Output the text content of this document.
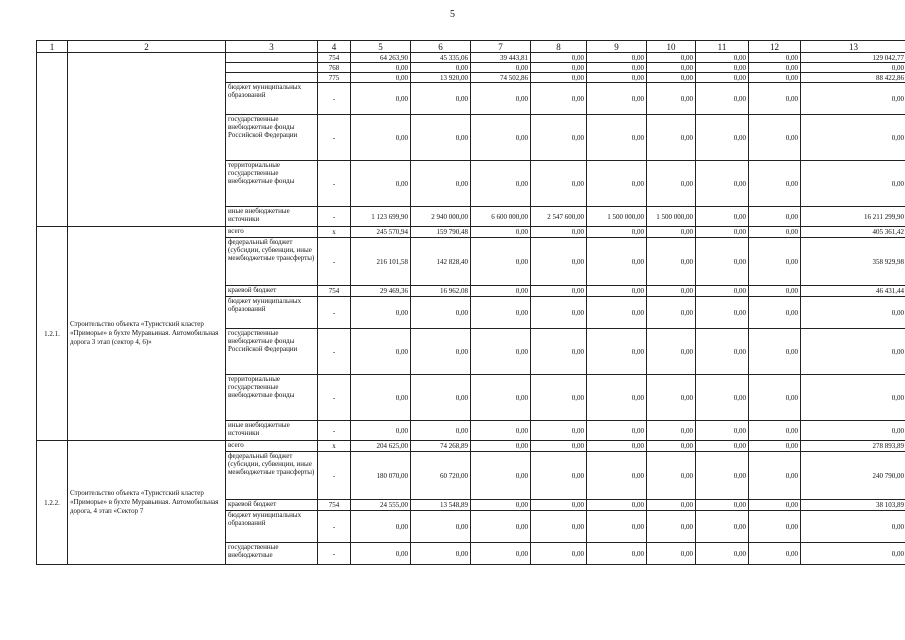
5
1	2	3	4	5	6	7	8	9	10	11	12	13
			754	64 263,90	45 335,06	39 443,81	0,00	0,00	0,00	0,00	0,00	129 042,77
			768	0,00	0,00	0,00	0,00	0,00	0,00	0,00	0,00	0,00
			775	0,00	13 920,00	74 502,86	0,00	0,00	0,00	0,00	0,00	88 422,86
		бюджет муниципальных образований	-	0,00	0,00	0,00	0,00	0,00	0,00	0,00	0,00	0,00
		государственные внебюджетные фонды Российской Федерации	-	0,00	0,00	0,00	0,00	0,00	0,00	0,00	0,00	0,00
		территориальные государственные внебюджетные фонды	-	0,00	0,00	0,00	0,00	0,00	0,00	0,00	0,00	0,00
		иные внебюджетные источники	-	1 123 699,90	2 940 000,00	6 600 000,00	2 547 600,00	1 500 000,00	1 500 000,00	0,00	0,00	16 211 299,90
1.2.1.	Строительство объекта «Туристский кластер «Приморье» в бухте Муравьиная. Автомобильная дорога 3 этап (сектор 4, 6)»	всего	x	245 570,94	159 790,48	0,00	0,00	0,00	0,00	0,00	0,00	405 361,42
		федеральный бюджет (субсидии, субвенции, иные межбюджетные трансферты)	-	216 101,58	142 828,40	0,00	0,00	0,00	0,00	0,00	0,00	358 929,98
		краевой бюджет	754	29 469,36	16 962,08	0,00	0,00	0,00	0,00	0,00	0,00	46 431,44
		бюджет муниципальных образований	-	0,00	0,00	0,00	0,00	0,00	0,00	0,00	0,00	0,00
		государственные внебюджетные фонды Российской Федерации	-	0,00	0,00	0,00	0,00	0,00	0,00	0,00	0,00	0,00
		территориальные государственные внебюджетные фонды	-	0,00	0,00	0,00	0,00	0,00	0,00	0,00	0,00	0,00
		иные внебюджетные источники	-	0,00	0,00	0,00	0,00	0,00	0,00	0,00	0,00	0,00
1.2.2.	Строительство объекта «Туристский кластер «Приморье» в бухте Муравьиная. Автомобильная дорога, 4 этап «Сектор 7	всего	x	204 625,00	74 268,89	0,00	0,00	0,00	0,00	0,00	0,00	278 893,89
		федеральный бюджет (субсидии, субвенции, иные межбюджетные трансферты)	-	180 070,00	60 720,00	0,00	0,00	0,00	0,00	0,00	0,00	240 790,00
		краевой бюджет	754	24 555,00	13 548,89	0,00	0,00	0,00	0,00	0,00	0,00	38 103,89
		бюджет муниципальных образований	-	0,00	0,00	0,00	0,00	0,00	0,00	0,00	0,00	0,00
		государственные внебюджетные	-	0,00	0,00	0,00	0,00	0,00	0,00	0,00	0,00	0,00
